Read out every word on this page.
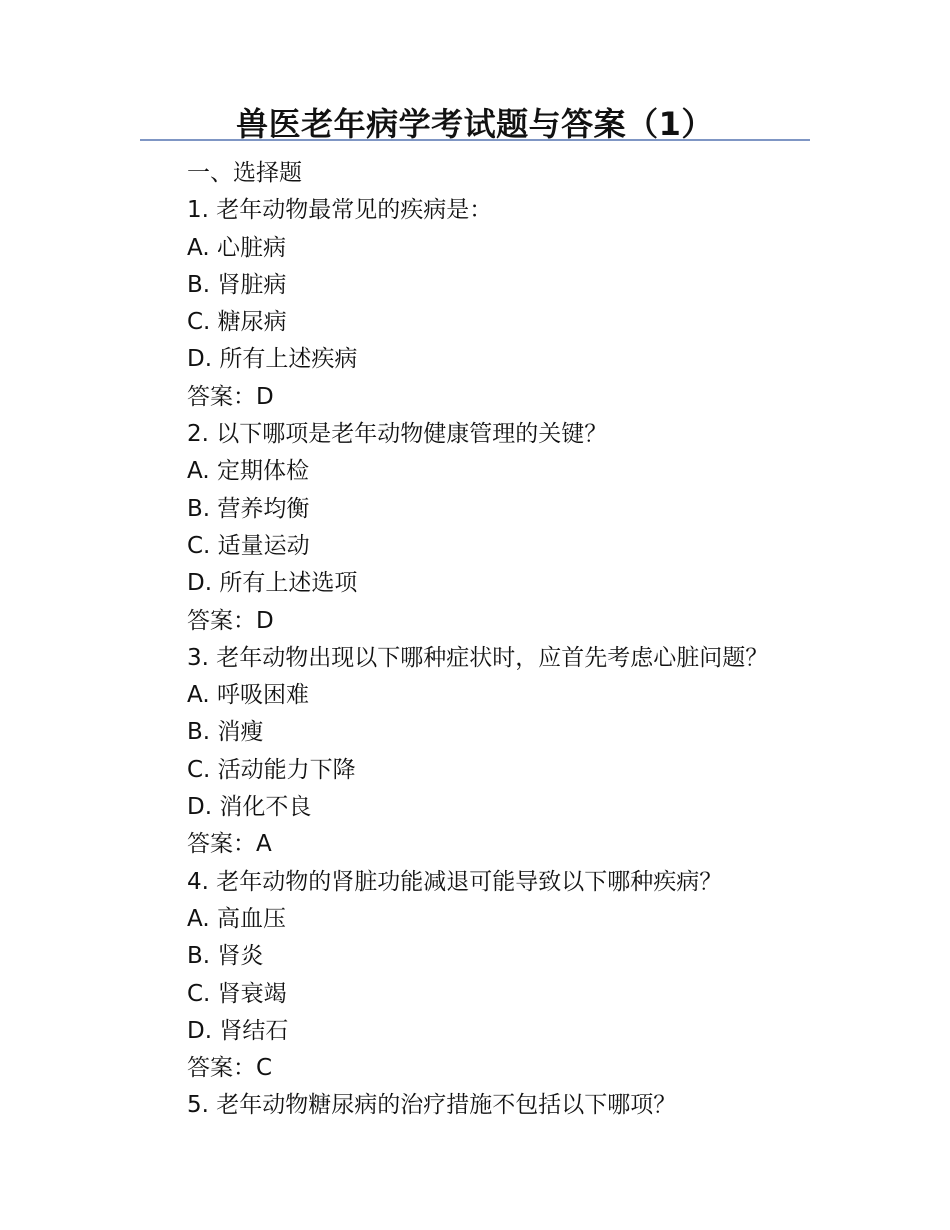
兽医老年病学考试题与答案（1）
一、选择题
1. 老年动物最常见的疾病是：
A. 心脏病
B. 肾脏病
C. 糖尿病
D. 所有上述疾病
答案：D
2. 以下哪项是老年动物健康管理的关键？
A. 定期体检
B. 营养均衡
C. 适量运动
D. 所有上述选项
答案：D
3. 老年动物出现以下哪种症状时，应首先考虑心脏问题？
A. 呼吸困难
B. 消瘦
C. 活动能力下降
D. 消化不良
答案：A
4. 老年动物的肾脏功能减退可能导致以下哪种疾病？
A. 高血压
B. 肾炎
C. 肾衰竭
D. 肾结石
答案：C
5. 老年动物糖尿病的治疗措施不包括以下哪项？
